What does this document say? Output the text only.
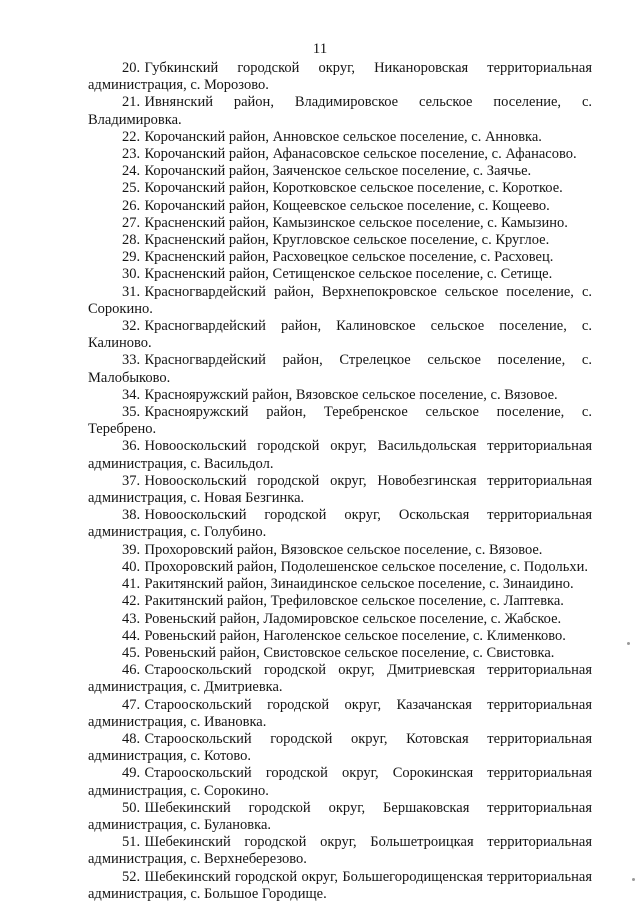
11
20. Губкинский городской округ, Никаноровская территориальная администрация, с. Морозово.
21. Ивнянский район, Владимировское сельское поселение, с. Владимировка.
22. Корочанский район, Анновское сельское поселение, с. Анновка.
23. Корочанский район, Афанасовское сельское поселение, с. Афанасово.
24. Корочанский район, Заяченское сельское поселение, с. Заячье.
25. Корочанский район, Коротковское сельское поселение, с. Короткое.
26. Корочанский район, Кощеевское сельское поселение, с. Кощеево.
27. Красненский район, Камызинское сельское поселение, с. Камызино.
28. Красненский район, Кругловское сельское поселение, с. Круглое.
29. Красненский район, Расховецкое сельское поселение, с. Расховец.
30. Красненский район, Сетищенское сельское поселение, с. Сетище.
31. Красногвардейский район, Верхнепокровское сельское поселение, с. Сорокино.
32. Красногвардейский район, Калиновское сельское поселение, с. Калиново.
33. Красногвардейский район, Стрелецкое сельское поселение, с. Малобыково.
34. Краснояружский район, Вязовское сельское поселение, с. Вязовое.
35. Краснояружский район, Теребренское сельское поселение, с. Теребрено.
36. Новооскольский городской округ, Васильдольская территориальная администрация, с. Васильдол.
37. Новооскольский городской округ, Новобезгинская территориальная администрация, с. Новая Безгинка.
38. Новооскольский городской округ, Оскольская территориальная администрация, с. Голубино.
39. Прохоровский район, Вязовское сельское поселение, с. Вязовое.
40. Прохоровский район, Подолешенское сельское поселение, с. Подольхи.
41. Ракитянский район, Зинаидинское сельское поселение, с. Зинаидино.
42. Ракитянский район, Трефиловское сельское поселение, с. Лаптевка.
43. Ровеньский район, Ладомировское сельское поселение, с. Жабское.
44. Ровеньский район, Наголенское сельское поселение, с. Клименково.
45. Ровеньский район, Свистовское сельское поселение, с. Свистовка.
46. Старооскольский городской округ, Дмитриевская территориальная администрация, с. Дмитриевка.
47. Старооскольский городской округ, Казачанская территориальная администрация, с. Ивановка.
48. Старооскольский городской округ, Котовская территориальная администрация, с. Котово.
49. Старооскольский городской округ, Сорокинская территориальная администрация, с. Сорокино.
50. Шебекинский городской округ, Бершаковская территориальная администрация, с. Булановка.
51. Шебекинский городской округ, Большетроицкая территориальная администрация, с. Верхнеберезово.
52. Шебекинский городской округ, Большегородищенская территориальная администрация, с. Большое Городище.
